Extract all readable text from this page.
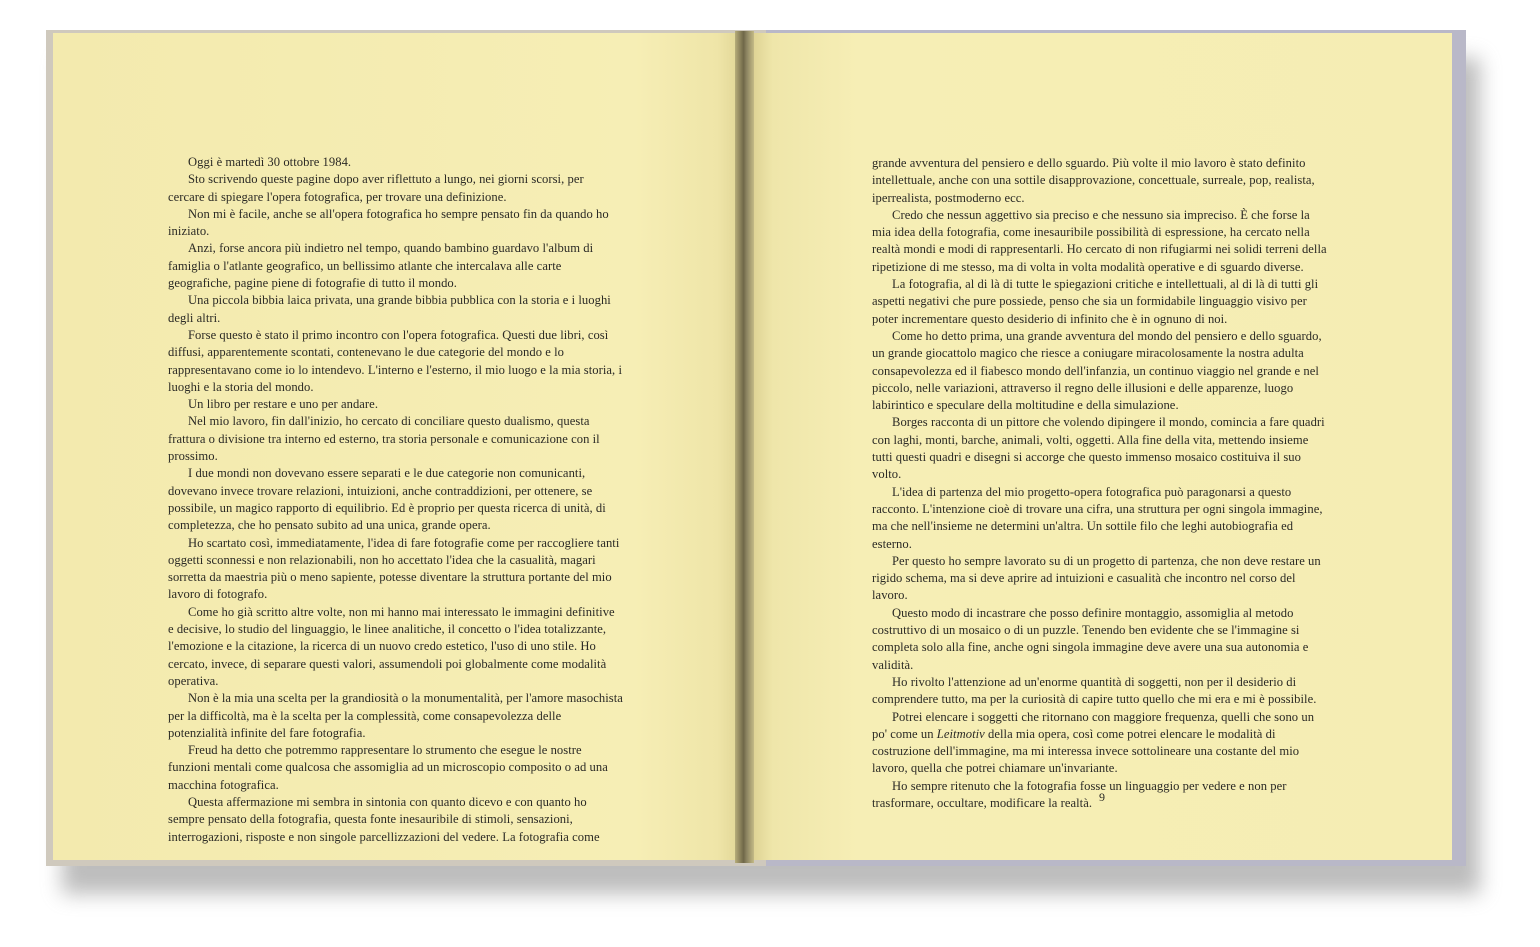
Oggi è martedì 30 ottobre 1984.

Sto scrivendo queste pagine dopo aver riflettuto a lungo, nei giorni scorsi, per cercare di spiegare l'opera fotografica, per trovare una definizione.

Non mi è facile, anche se all'opera fotografica ho sempre pensato fin da quando ho iniziato.

Anzi, forse ancora più indietro nel tempo, quando bambino guardavo l'album di famiglia o l'atlante geografico, un bellissimo atlante che intercalava alle carte geografiche, pagine piene di fotografie di tutto il mondo.

Una piccola bibbia laica privata, una grande bibbia pubblica con la storia e i luoghi degli altri.

Forse questo è stato il primo incontro con l'opera fotografica. Questi due libri, così diffusi, apparentemente scontati, contenevano le due categorie del mondo e lo rappresentavano come io lo intendevo. L'interno e l'esterno, il mio luogo e la mia storia, i luoghi e la storia del mondo.

Un libro per restare e uno per andare.

Nel mio lavoro, fin dall'inizio, ho cercato di conciliare questo dualismo, questa frattura o divisione tra interno ed esterno, tra storia personale e comunicazione con il prossimo.

I due mondi non dovevano essere separati e le due categorie non comunicanti, dovevano invece trovare relazioni, intuizioni, anche contraddizioni, per ottenere, se possibile, un magico rapporto di equilibrio. Ed è proprio per questa ricerca di unità, di completezza, che ho pensato subito ad una unica, grande opera.

Ho scartato così, immediatamente, l'idea di fare fotografie come per raccogliere tanti oggetti sconnessi e non relazionabili, non ho accettato l'idea che la casualità, magari sorretta da maestria più o meno sapiente, potesse diventare la struttura portante del mio lavoro di fotografo.

Come ho già scritto altre volte, non mi hanno mai interessato le immagini definitive e decisive, lo studio del linguaggio, le linee analitiche, il concetto o l'idea totalizzante, l'emozione e la citazione, la ricerca di un nuovo credo estetico, l'uso di uno stile. Ho cercato, invece, di separare questi valori, assumendoli poi globalmente come modalità operativa.

Non è la mia una scelta per la grandiosità o la monumentalità, per l'amore masochista per la difficoltà, ma è la scelta per la complessità, come consapevolezza delle potenzialità infinite del fare fotografia.

Freud ha detto che potremmo rappresentare lo strumento che esegue le nostre funzioni mentali come qualcosa che assomiglia ad un microscopio composito o ad una macchina fotografica.

Questa affermazione mi sembra in sintonia con quanto dicevo e con quanto ho sempre pensato della fotografia, questa fonte inesauribile di stimoli, sensazioni, interrogazioni, risposte e non singole parcellizzazioni del vedere. La fotografia come

grande avventura del pensiero e dello sguardo. Più volte il mio lavoro è stato definito intellettuale, anche con una sottile disapprovazione, concettuale, surreale, pop, realista, iperrealista, postmoderno ecc.

Credo che nessun aggettivo sia preciso e che nessuno sia impreciso. È che forse la mia idea della fotografia, come inesauribile possibilità di espressione, ha cercato nella realtà mondi e modi di rappresentarli. Ho cercato di non rifugiarmi nei solidi terreni della ripetizione di me stesso, ma di volta in volta modalità operative e di sguardo diverse.

La fotografia, al di là di tutte le spiegazioni critiche e intellettuali, al di là di tutti gli aspetti negativi che pure possiede, penso che sia un formidabile linguaggio visivo per poter incrementare questo desiderio di infinito che è in ognuno di noi.

Come ho detto prima, una grande avventura del mondo del pensiero e dello sguardo, un grande giocattolo magico che riesce a coniugare miracolosamente la nostra adulta consapevolezza ed il fiabesco mondo dell'infanzia, un continuo viaggio nel grande e nel piccolo, nelle variazioni, attraverso il regno delle illusioni e delle apparenze, luogo labirintico e speculare della moltitudine e della simulazione.

Borges racconta di un pittore che volendo dipingere il mondo, comincia a fare quadri con laghi, monti, barche, animali, volti, oggetti. Alla fine della vita, mettendo insieme tutti questi quadri e disegni si accorge che questo immenso mosaico costituiva il suo volto.

L'idea di partenza del mio progetto-opera fotografica può paragonarsi a questo racconto. L'intenzione cioè di trovare una cifra, una struttura per ogni singola immagine, ma che nell'insieme ne determini un'altra. Un sottile filo che leghi autobiografia ed esterno.

Per questo ho sempre lavorato su di un progetto di partenza, che non deve restare un rigido schema, ma si deve aprire ad intuizioni e casualità che incontro nel corso del lavoro.

Questo modo di incastrare che posso definire montaggio, assomiglia al metodo costruttivo di un mosaico o di un puzzle. Tenendo ben evidente che se l'immagine si completa solo alla fine, anche ogni singola immagine deve avere una sua autonomia e validità.

Ho rivolto l'attenzione ad un'enorme quantità di soggetti, non per il desiderio di comprendere tutto, ma per la curiosità di capire tutto quello che mi era e mi è possibile.

Potrei elencare i soggetti che ritornano con maggiore frequenza, quelli che sono un po' come un Leitmotiv della mia opera, così come potrei elencare le modalità di costruzione dell'immagine, ma mi interessa invece sottolineare una costante del mio lavoro, quella che potrei chiamare un'invariante.

Ho sempre ritenuto che la fotografia fosse un linguaggio per vedere e non per trasformare, occultare, modificare la realtà. 9
